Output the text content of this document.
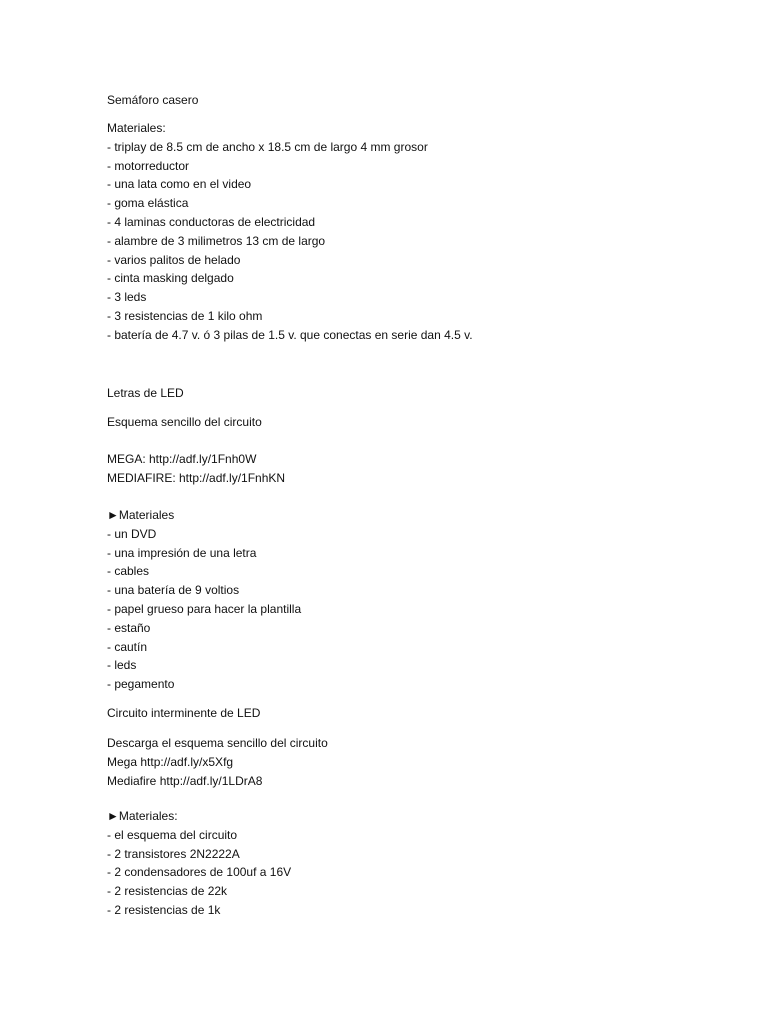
Semáforo casero
Materiales:
- triplay de 8.5 cm de ancho x 18.5 cm de largo 4 mm grosor
- motorreductor
- una lata como en el video
- goma elástica
- 4 laminas conductoras de electricidad
- alambre de 3 milimetros 13 cm de largo
- varios palitos de helado
- cinta masking delgado
- 3 leds
- 3 resistencias de 1 kilo ohm
- batería de 4.7 v. ó 3 pilas de 1.5 v. que conectas en serie dan 4.5 v.
Letras de LED
Esquema sencillo del circuito
MEGA: http://adf.ly/1Fnh0W
MEDIAFIRE: http://adf.ly/1FnhKN
►Materiales
- un DVD
- una impresión de una letra
- cables
- una batería de 9 voltios
- papel grueso para hacer la plantilla
- estaño
- cautín
- leds
- pegamento
Circuito interminente de LED
Descarga el esquema sencillo del circuito
Mega http://adf.ly/x5Xfg
Mediafire http://adf.ly/1LDrA8
►Materiales:
- el esquema del circuito
- 2 transistores 2N2222A
- 2 condensadores de 100uf a 16V
- 2 resistencias de 22k
- 2 resistencias de 1k
